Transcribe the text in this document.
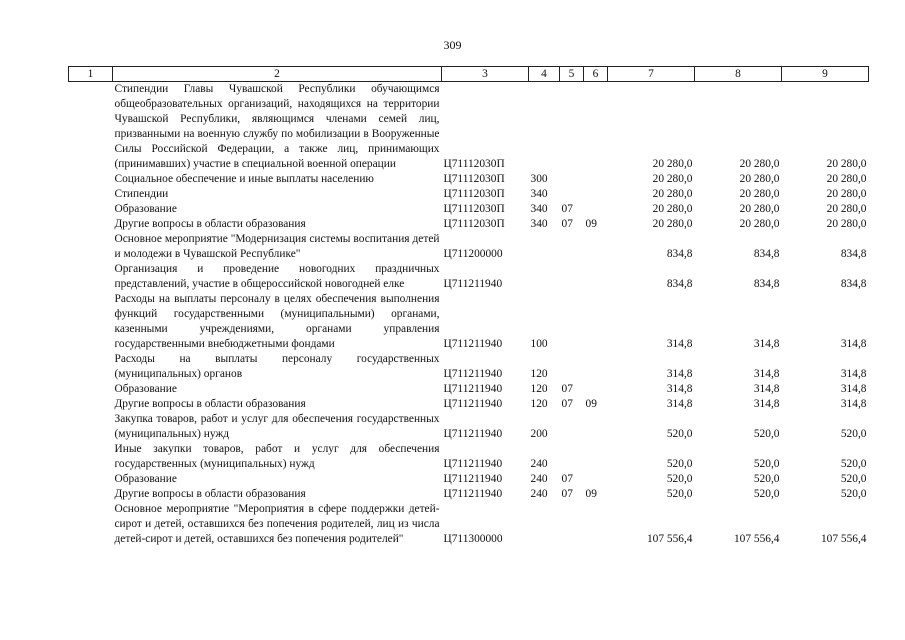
309
1	2	3	4	5	6	7	8	9
	Стипендии Главы Чувашской Республики обучающимся общеобразовательных организаций, находящихся на территории Чувашской Республики, являющимся членами семей лиц, призванными на военную службу по мобилизации в Вооруженные Силы Российской Федерации, а также лиц, принимающих (принимавших) участие в специальной военной операции	Ц71112030П				20 280,0	20 280,0	20 280,0
	Социальное обеспечение и иные выплаты населению	Ц71112030П	300			20 280,0	20 280,0	20 280,0
	Стипендии	Ц71112030П	340			20 280,0	20 280,0	20 280,0
	Образование	Ц71112030П	340	07		20 280,0	20 280,0	20 280,0
	Другие вопросы в области образования	Ц71112030П	340	07	09	20 280,0	20 280,0	20 280,0
	Основное мероприятие "Модернизация системы воспитания детей и молодежи в Чувашской Республике"	Ц711200000				834,8	834,8	834,8
	Организация и проведение новогодних праздничных представлений, участие в общероссийской новогодней елке	Ц711211940				834,8	834,8	834,8
	Расходы на выплаты персоналу в целях обеспечения выполнения функций государственными (муниципальными) органами, казенными учреждениями, органами управления государственными внебюджетными фондами	Ц711211940	100			314,8	314,8	314,8
	Расходы на выплаты персоналу государственных (муниципальных) органов	Ц711211940	120			314,8	314,8	314,8
	Образование	Ц711211940	120	07		314,8	314,8	314,8
	Другие вопросы в области образования	Ц711211940	120	07	09	314,8	314,8	314,8
	Закупка товаров, работ и услуг для обеспечения государственных (муниципальных) нужд	Ц711211940	200			520,0	520,0	520,0
	Иные закупки товаров, работ и услуг для обеспечения государственных (муниципальных) нужд	Ц711211940	240			520,0	520,0	520,0
	Образование	Ц711211940	240	07		520,0	520,0	520,0
	Другие вопросы в области образования	Ц711211940	240	07	09	520,0	520,0	520,0
	Основное мероприятие "Мероприятия в сфере поддержки детей-сирот и детей, оставшихся без попечения родителей, лиц из числа детей-сирот и детей, оставшихся без попечения родителей"	Ц711300000				107 556,4	107 556,4	107 556,4
